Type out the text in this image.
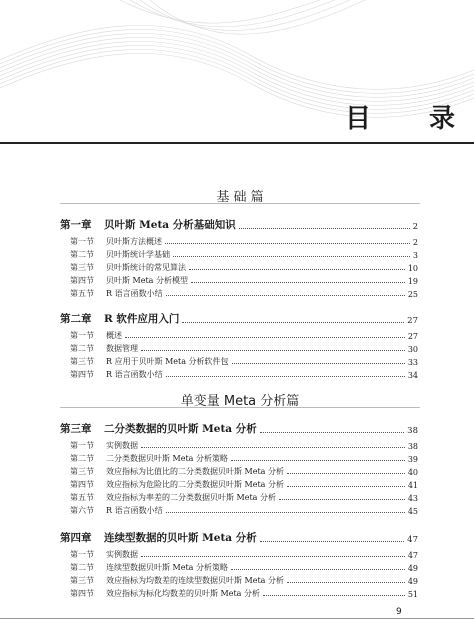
目 录
基 础 篇
第一章 贝叶斯 Meta 分析基础知识	2
第一节 贝叶斯方法概述	2
第二节 贝叶斯统计学基础	3
第三节 贝叶斯统计的常见算法	10
第四节 贝叶斯 Meta 分析模型	19
第五节 R 语言函数小结	25
第二章 R 软件应用入门	27
第一节 概述	27
第二节 数据管理	30
第三节 R 应用于贝叶斯 Meta 分析软件包	33
第四节 R 语言函数小结	34
单变量 Meta 分析篇
第三章 二分类数据的贝叶斯 Meta 分析	38
第一节 实例数据	38
第二节 二分类数据贝叶斯 Meta 分析策略	39
第三节 效应指标为比值比的二分类数据贝叶斯 Meta 分析	40
第四节 效应指标为危险比的二分类数据贝叶斯 Meta 分析	41
第五节 效应指标为率差的二分类数据贝叶斯 Meta 分析	43
第六节 R 语言函数小结	45
第四章 连续型数据的贝叶斯 Meta 分析	47
第一节 实例数据	47
第二节 连续型数据贝叶斯 Meta 分析策略	49
第三节 效应指标为均数差的连续型数据贝叶斯 Meta 分析	49
第四节 效应指标为标化均数差的贝叶斯 Meta 分析	51
9
